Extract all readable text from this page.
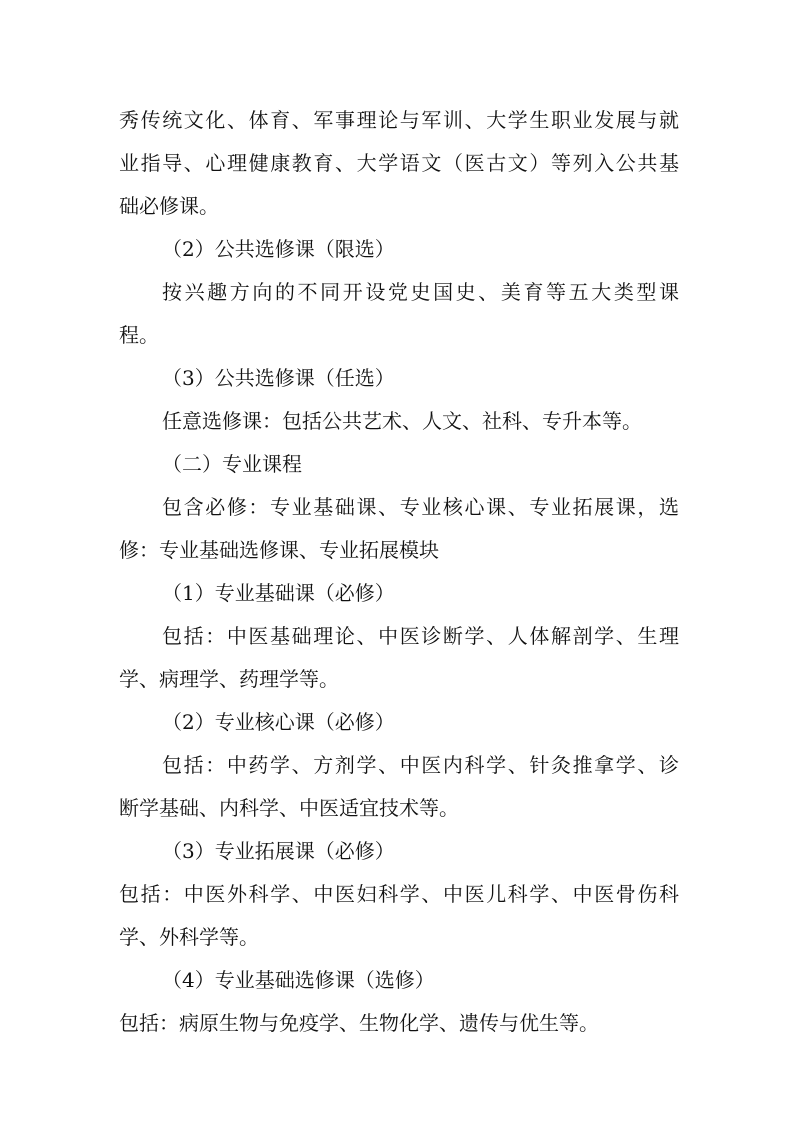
秀传统文化、体育、军事理论与军训、大学生职业发展与就
业指导、心理健康教育、大学语文（医古文）等列入公共基
础必修课。
（2）公共选修课（限选）
按兴趣方向的不同开设党史国史、美育等五大类型课
程。
（3）公共选修课（任选）
任意选修课：包括公共艺术、人文、社科、专升本等。
（二）专业课程
包含必修：专业基础课、专业核心课、专业拓展课，选
修：专业基础选修课、专业拓展模块
（1）专业基础课（必修）
包括：中医基础理论、中医诊断学、人体解剖学、生理
学、病理学、药理学等。
（2）专业核心课（必修）
包括：中药学、方剂学、中医内科学、针灸推拿学、诊
断学基础、内科学、中医适宜技术等。
（3）专业拓展课（必修）
包括：中医外科学、中医妇科学、中医儿科学、中医骨伤科
学、外科学等。
（4）专业基础选修课（选修）
包括：病原生物与免疫学、生物化学、遗传与优生等。
